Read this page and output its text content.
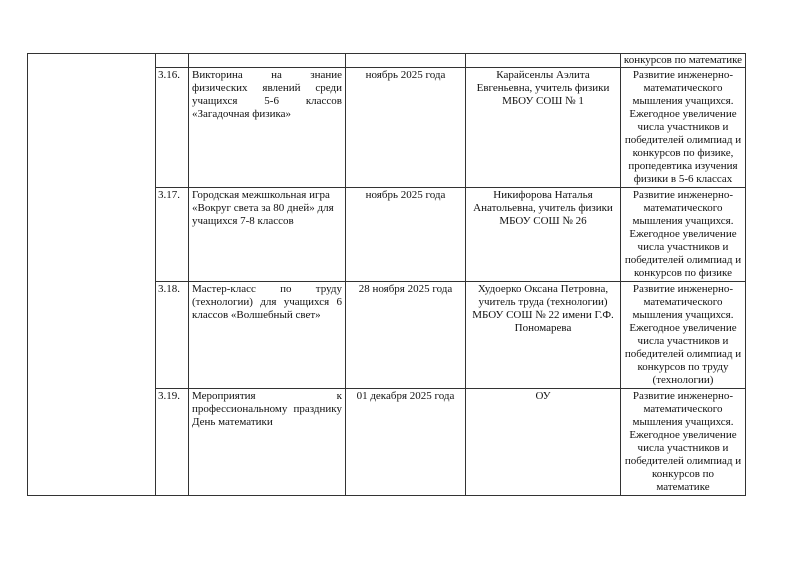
					конкурсов по математике
	3.16.	Викторина на знание физических явлений среди учащихся 5-6 классов «Загадочная физика»	ноябрь 2025 года	Карайсенлы Аэлита Евгеньевна, учитель физики МБОУ СОШ № 1	Развитие инженерно-математического мышления учащихся. Ежегодное увеличение числа участников и победителей олимпиад и конкурсов по физике, пропедевтика изучения физики в 5-6 классах
	3.17.	Городская межшкольная игра «Вокруг света за 80 дней» для учащихся 7-8 классов	ноябрь 2025 года	Никифорова Наталья Анатольевна, учитель физики МБОУ СОШ № 26	Развитие инженерно-математического мышления учащихся. Ежегодное увеличение числа участников и победителей олимпиад и конкурсов по физике
	3.18.	Мастер-класс по труду (технологии) для учащихся 6 классов «Волшебный свет»	28 ноября 2025 года	Худоерко Оксана Петровна, учитель труда (технологии) МБОУ СОШ № 22 имени Г.Ф. Пономарева	Развитие инженерно-математического мышления учащихся. Ежегодное увеличение числа участников и победителей олимпиад и конкурсов по труду (технологии)
	3.19.	Мероприятия к профессиональному празднику День математики	01 декабря 2025 года	ОУ	Развитие инженерно-математического мышления учащихся. Ежегодное увеличение числа участников и победителей олимпиад и конкурсов по математике
